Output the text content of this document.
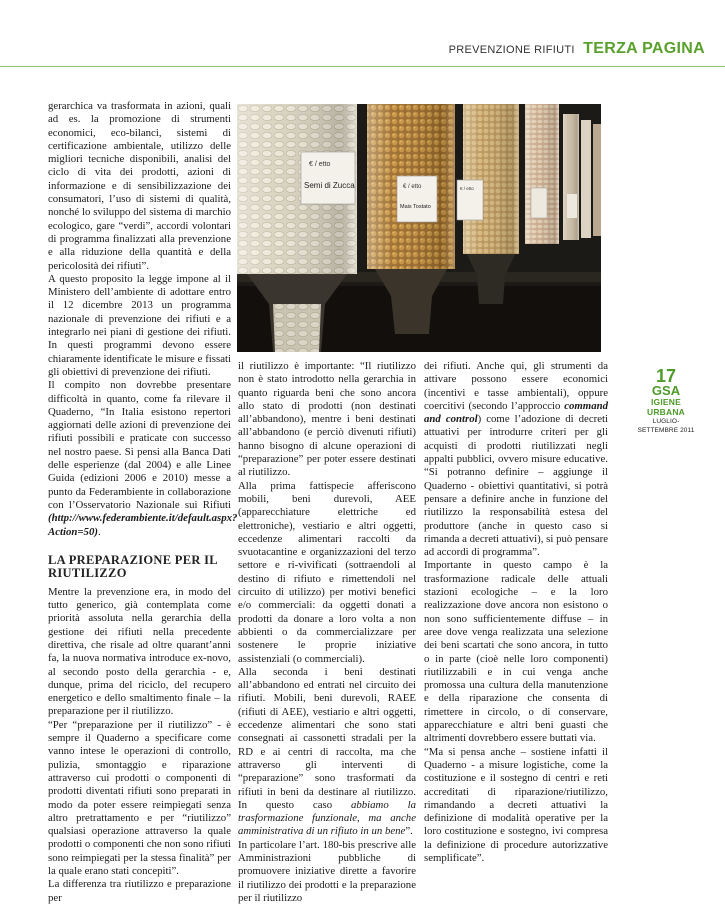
PREVENZIONE RIFIUTI TERZA PAGINA

gerarchica va trasformata in azioni, quali ad es. la promozione di strumenti economici, eco-bilanci, sistemi di certificazione ambientale, utilizzo delle migliori tecniche disponibili, analisi del ciclo di vita dei prodotti, azioni di informazione e di sensibilizzazione dei consumatori, l’uso di sistemi di qualità, nonché lo sviluppo del sistema di marchio ecologico, gare “verdi”, accordi volontari di programma finalizzati alla prevenzione e alla riduzione della quantità e della pericolosità dei rifiuti”.

A questo proposito la legge impone al il Ministero dell’ambiente di adottare entro il 12 dicembre 2013 un programma nazionale di prevenzione dei rifiuti e a integrarlo nei piani di gestione dei rifiuti. In questi programmi devono essere chiaramente identificate le misure e fissati gli obiettivi di prevenzione dei rifiuti.

Il compito non dovrebbe presentare difficoltà in quanto, come fa rilevare il Quaderno, “In Italia esistono repertori aggiornati delle azioni di prevenzione dei rifiuti possibili e praticate con successo nel nostro paese. Si pensi alla Banca Dati delle esperienze (dal 2004) e alle Linee Guida (edizioni 2006 e 2010) messe a punto da Federambiente in collaborazione con l’Osservatorio Nazionale sui Rifiuti (http://www.federambiente.it/default.aspx?Action=50).

LA PREPARAZIONE PER IL RIUTILIZZO

Mentre la prevenzione era, in modo del tutto generico, già contemplata come priorità assoluta nella gerarchia della gestione dei rifiuti nella precedente direttiva, che risale ad oltre quarant’anni fa, la nuova normativa introduce ex-novo, al secondo posto della gerarchia - e, dunque, prima del riciclo, del recupero energetico e dello smaltimento finale – la preparazione per il riutilizzo.

“Per “preparazione per il riutilizzo” - è sempre il Quaderno a specificare come vanno intese le operazioni di controllo, pulizia, smontaggio e riparazione attraverso cui prodotti o componenti di prodotti diventati rifiuti sono preparati in modo da poter essere reimpiegati senza altro pretrattamento e per “riutilizzo” qualsiasi operazione attraverso la quale prodotti o componenti che non sono rifiuti sono reimpiegati per la stessa finalità” per la quale erano stati concepiti”.

La differenza tra riutilizzo e preparazione per

€ / etto
Semi di Zucca	€ / etto
Mais Tostato
€ / etto

il riutilizzo è importante: “Il riutilizzo non è stato introdotto nella gerarchia in quanto riguarda beni che sono ancora allo stato di prodotti (non destinati all’abbandono), mentre i beni destinati all’abbandono (e perciò divenuti rifiuti) hanno bisogno di alcune operazioni di “preparazione” per poter essere destinati al riutilizzo.

Alla prima fattispecie afferiscono mobili, beni durevoli, AEE (apparecchiature elettriche ed elettroniche), vestiario e altri oggetti, eccedenze alimentari raccolti da svuotacantine e organizzazioni del terzo settore e ri-vivificati (sottraendoli al destino di rifiuto e rimettendoli nel circuito di utilizzo) per motivi benefici e/o commerciali: da oggetti donati a prodotti da donare a loro volta a non abbienti o da commercializzare per sostenere le proprie iniziative assistenziali (o commerciali).

Alla seconda i beni destinati all’abbandono ed entrati nel circuito dei rifiuti. Mobili, beni durevoli, RAEE (rifiuti di AEE), vestiario e altri oggetti, eccedenze alimentari che sono stati consegnati ai cassonetti stradali per la RD e ai centri di raccolta, ma che attraverso gli interventi di “preparazione” sono trasformati da rifiuti in beni da destinare al riutilizzo. In questo caso abbiamo la trasformazione funzionale, ma anche amministrativa di un rifiuto in un bene”.

In particolare l’art. 180-bis prescrive alle Amministrazioni pubbliche di promuovere iniziative dirette a favorire il riutilizzo dei prodotti e la preparazione per il riutilizzo

dei rifiuti. Anche qui, gli strumenti da attivare possono essere economici (incentivi e tasse ambientali), oppure coercitivi (secondo l’approccio command and control) come l’adozione di decreti attuativi per introdurre criteri per gli acquisti di prodotti riutilizzati negli appalti pubblici, ovvero misure educative. “Si potranno definire – aggiunge il Quaderno - obiettivi quantitativi, si potrà pensare a definire anche in funzione del riutilizzo la responsabilità estesa del produttore (anche in questo caso si rimanda a decreti attuativi), si può pensare ad accordi di programma”.

Importante in questo campo è la trasformazione radicale delle attuali stazioni ecologiche – e la loro realizzazione dove ancora non esistono o non sono sufficientemente diffuse – in aree dove venga realizzata una selezione dei beni scartati che sono ancora, in tutto o in parte (cioè nelle loro componenti) riutilizzabili e in cui venga anche promossa una cultura della manutenzione e della riparazione che consenta di rimettere in circolo, o di conservare, apparecchiature e altri beni guasti che altrimenti dovrebbero essere buttati via.

“Ma si pensa anche – sostiene infatti il Quaderno - a misure logistiche, come la costituzione e il sostegno di centri e reti accreditati di riparazione/riutilizzo, rimandando a decreti attuativi la definizione di modalità operative per la loro costituzione e sostegno, ivi compresa la definizione di procedure autorizzative semplificate”.

17
GSA
IGIENE URBANA
LUGLIO-SETTEMBRE 2011
